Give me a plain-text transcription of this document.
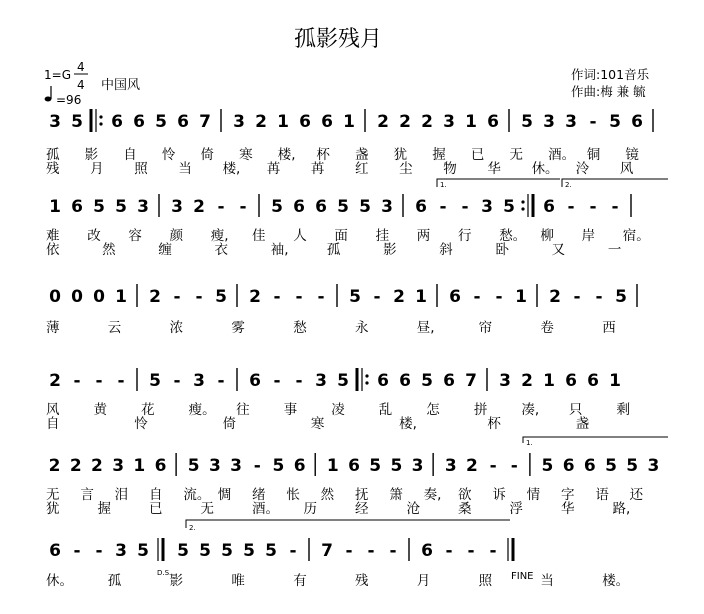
孤影残月
1=G
4
4 中国风
=96
作词:101音乐
作曲:梅 兼 毓
3 5 6 6 5 6 7 3 2 1 6 6 1 2 2 2 3 1 6 5 3 3 - 5 6
孤 影 自 怜 倚 寒 楼, 杯 盏 犹 握 已 无 酒。 铜 镜
残 月 照 当 楼, 苒 苒 红 尘 物 华 休。 泠 风
1 6 5 5 3 3 2 - - 5 6 6 5 5 3 6 - - 3 5 6 - - -
难 改 容 颜 瘦, 佳 人 面 挂 两 行 愁。 柳 岸 宿。
依	然	缠	衣	袖,	孤	影	斜	卧	又	一
0 0 0 1 2 - - 5 2 - - - 5 - 2 1 6 - - 1 2 - - 5
薄	云	浓	雾	愁	永	昼,	帘	卷	西
2 - - - 5 - 3 - 6 - - 3 5 6 6 5 6 7 3 2 1 6 6 1
风	黄	花	瘦。 往	事	凌	乱	怎	拼	凑, 只	剩
自	怜	倚	寒	楼,	杯	盏
2 2 2 3 1 6 5 3 3 - 5 6 1 6 5 5 3 3 2 - - 5 6 6 5 5 3
无 言 泪 自 流。 惆 绪 怅 然 抚 箫 奏, 欲 诉 情 字 语 还
犹	握	已	无	酒。 历	经	沧	桑	浮	华	路,
6 - - 3 5 5 5 5 5 5 - 7 - - - 6 - - -
休。	孤	影	唯	有	残	月	照	当	楼。
1.	2.
1.
2.
D.S.	FINE
